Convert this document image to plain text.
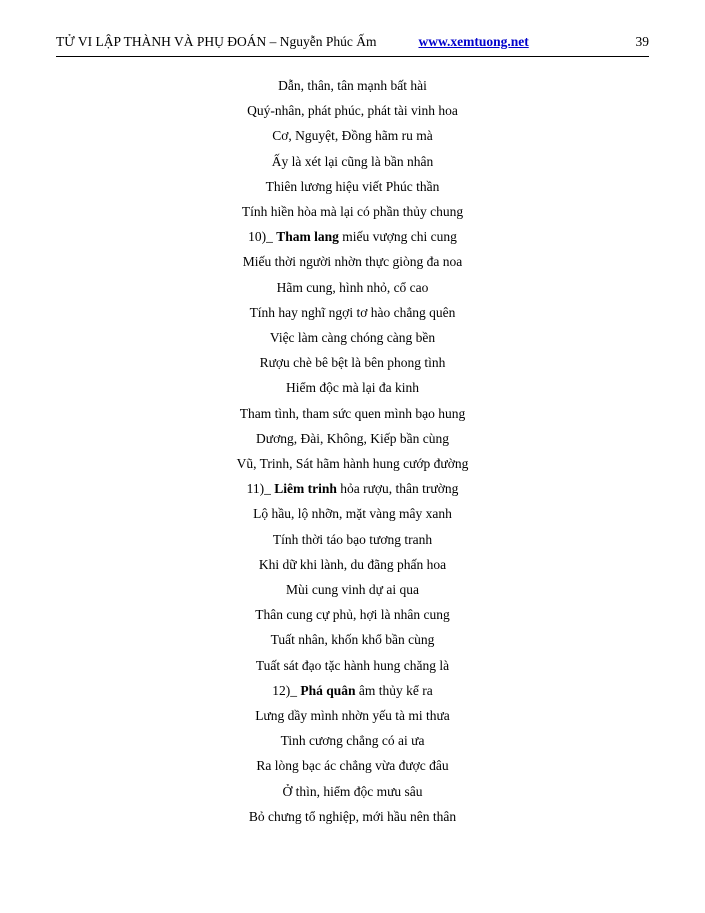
TỬ VI LẬP THÀNH VÀ PHỤ ĐOÁN – Nguyễn Phúc Ấm	www.xemtuong.net	39
Dẫn, thân, tân mạnh bất hài
Quý-nhân, phát phúc, phát tài vinh hoa
Cơ, Nguyệt, Đồng hãm ru mà
Ấy là xét lại cũng là bần nhân
Thiên lương hiệu viết Phúc thần
Tính hiền hòa mà lại có phần thủy chung
10)_ Tham lang miếu vượng chi cung
Miếu thời người nhờn thực giòng đa noa
Hãm cung, hình nhỏ, cổ cao
Tính hay nghĩ ngợi tơ hào chẳng quên
Việc làm càng chóng càng bền
Rượu chè bê bệt là bên phong tình
Hiểm độc mà lại đa kinh
Tham tình, tham sức quen mình bạo hung
Dương, Đài, Không, Kiếp bần cùng
Vũ, Trinh, Sát hãm hành hung cướp đường
11)_ Liêm trinh hỏa rượu, thân trường
Lộ hầu, lộ nhỡn, mặt vàng mây xanh
Tính thời táo bạo tương tranh
Khi dữ khi lành, du đãng phấn hoa
Mùi cung vinh dự ai qua
Thân cung cự phủ, hợi là nhân cung
Tuất nhân, khốn khổ bần cùng
Tuất sát đạo tặc hành hung chăng là
12)_ Phá quân âm thủy kể ra
Lưng dầy mình nhờn yếu tà mi thưa
Tinh cương chẳng có ai ưa
Ra lòng bạc ác chẳng vừa được đâu
Ở thìn, hiểm độc mưu sâu
Bỏ chưng tổ nghiệp, mới hầu nên thân
